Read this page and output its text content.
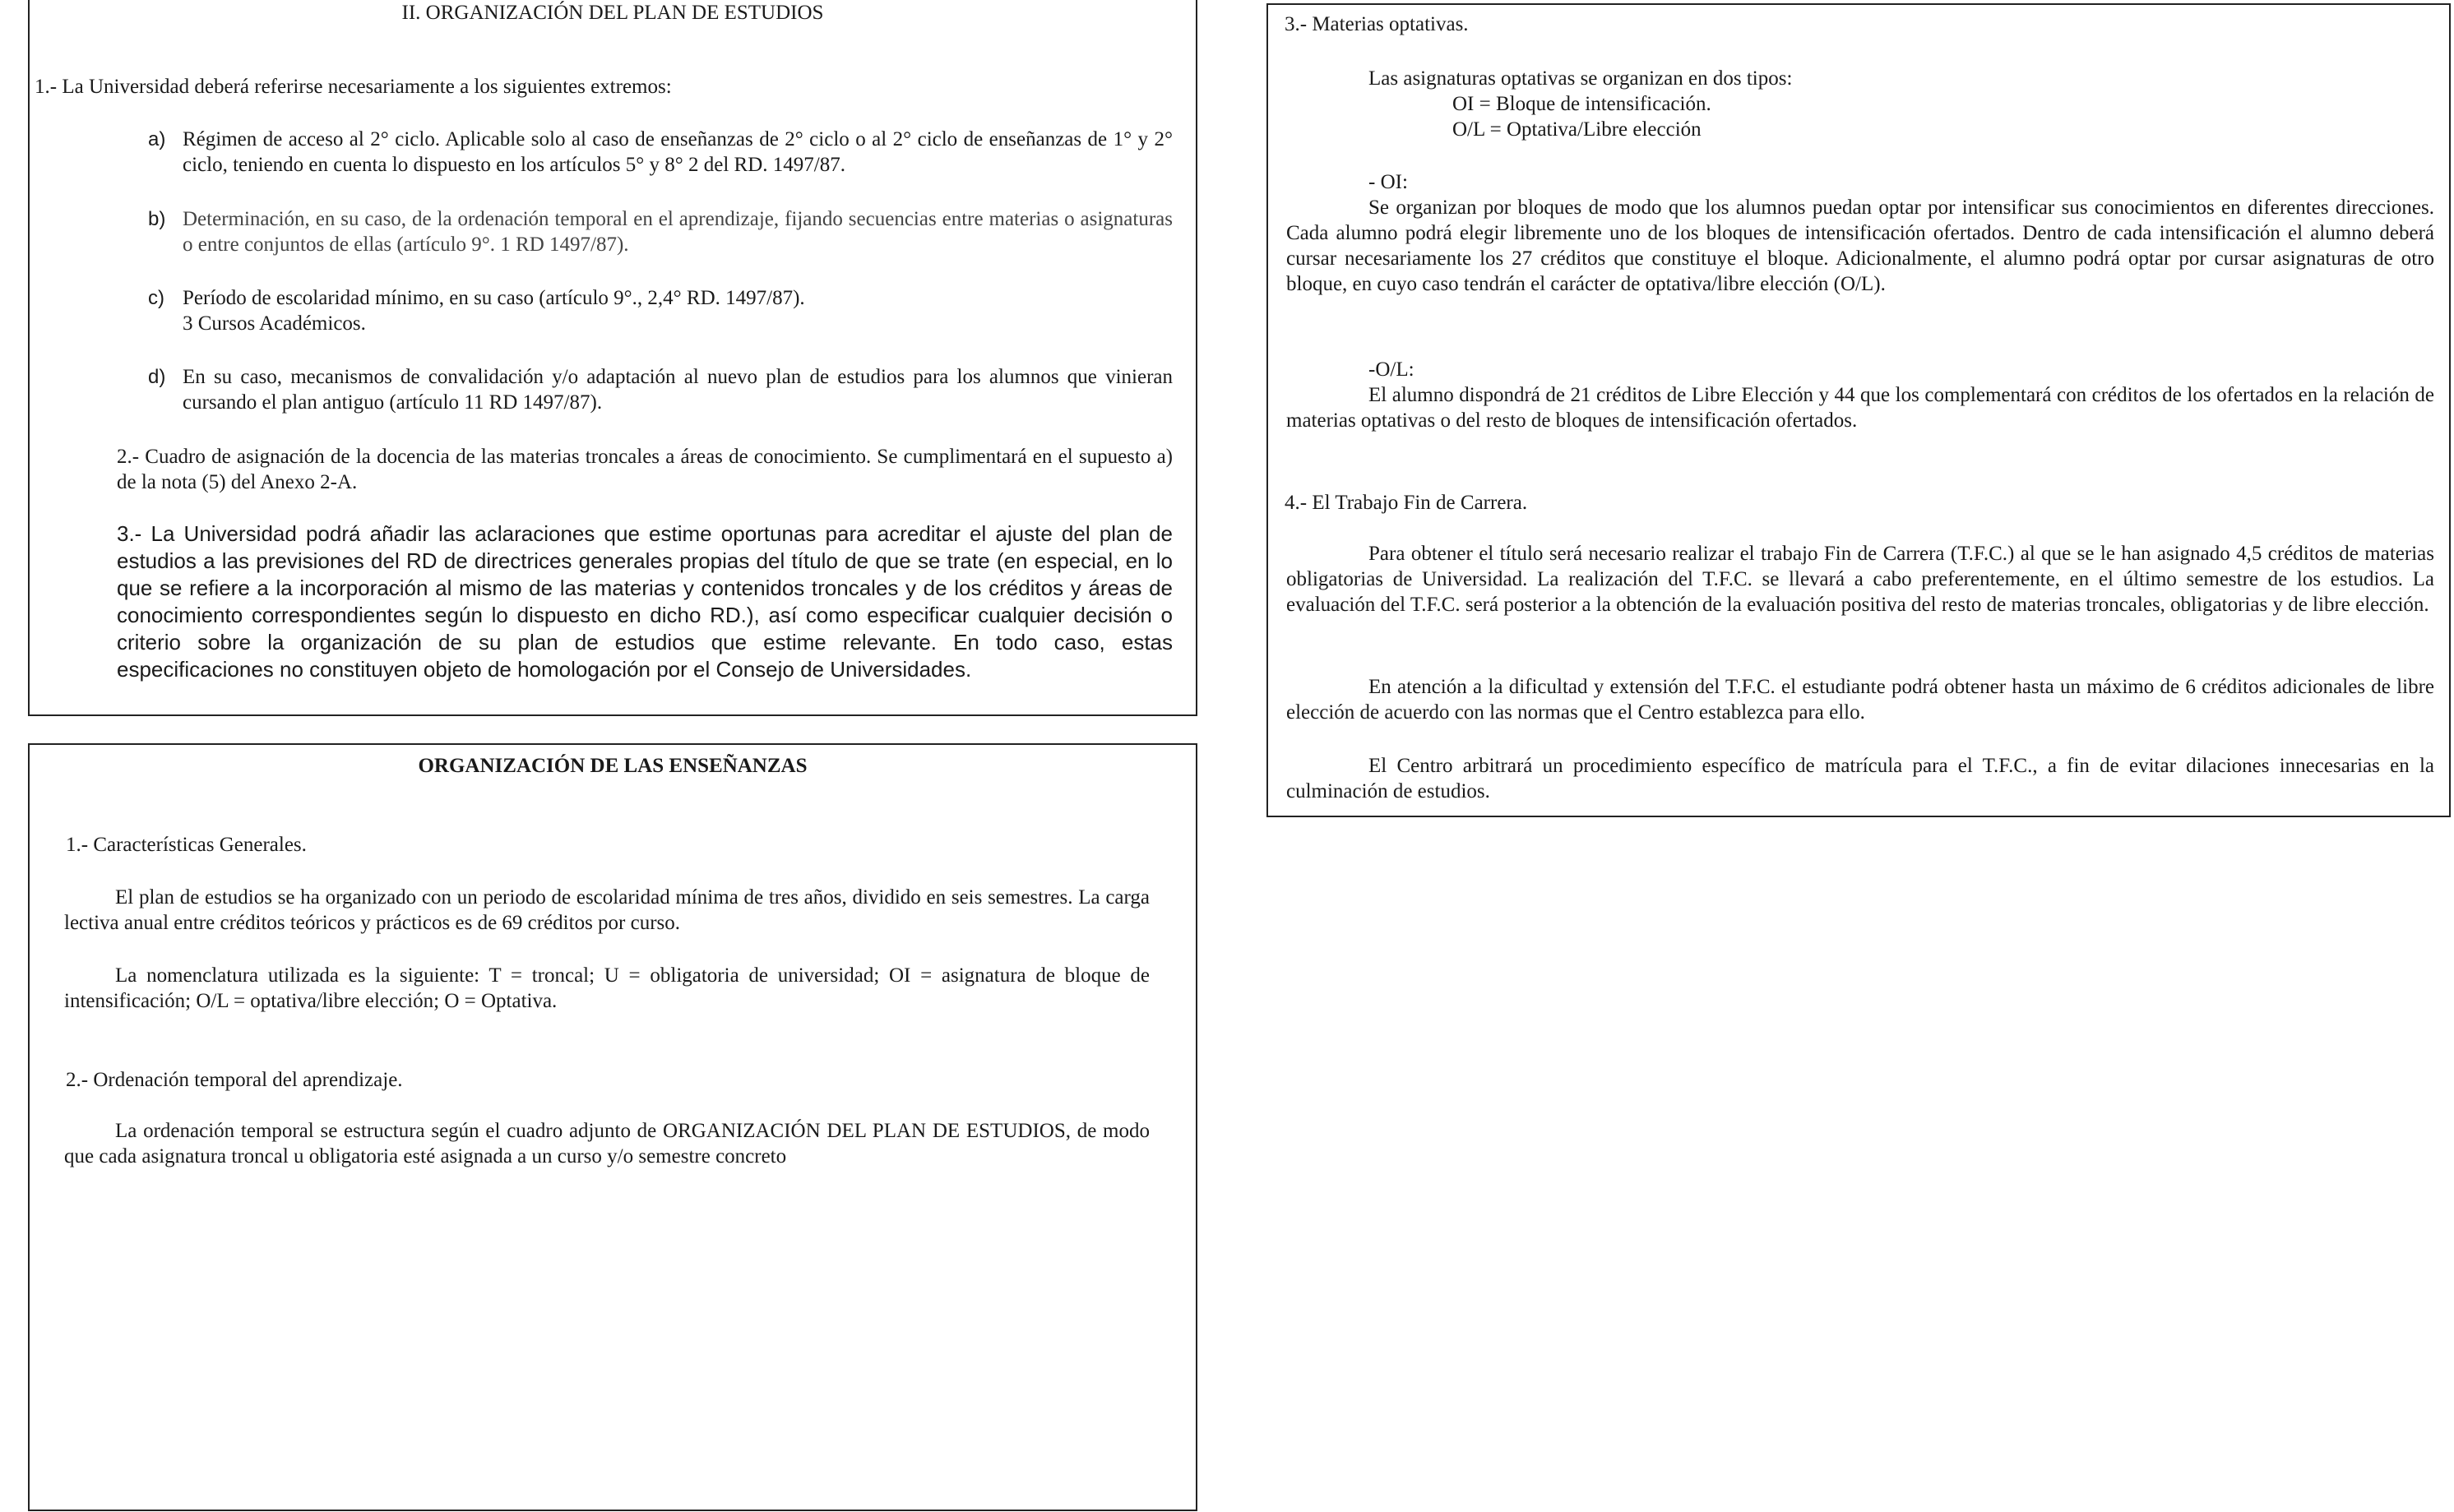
II. ORGANIZACIÓN DEL PLAN DE ESTUDIOS
1.- La Universidad deberá referirse necesariamente a los siguientes extremos:
a) Régimen de acceso al 2° ciclo. Aplicable solo al caso de enseñanzas de 2° ciclo o al 2° ciclo de enseñanzas de 1° y 2° ciclo, teniendo en cuenta lo dispuesto en los artículos 5° y 8° 2 del RD. 1497/87.
b) Determinación, en su caso, de la ordenación temporal en el aprendizaje, fijando secuencias entre materias o asignaturas o entre conjuntos de ellas (artículo 9°. 1 RD 1497/87).
c) Período de escolaridad mínimo, en su caso (artículo 9°., 2,4° RD. 1497/87).
3 Cursos Académicos.
d) En su caso, mecanismos de convalidación y/o adaptación al nuevo plan de estudios para los alumnos que vinieran cursando el plan antiguo (artículo 11 RD 1497/87).
2.- Cuadro de asignación de la docencia de las materias troncales a áreas de conocimiento. Se cumplimentará en el supuesto a) de la nota (5) del Anexo 2-A.
3.- La Universidad podrá añadir las aclaraciones que estime oportunas para acreditar el ajuste del plan de estudios a las previsiones del RD de directrices generales propias del título de que se trate (en especial, en lo que se refiere a la incorporación al mismo de las materias y contenidos troncales y de los créditos y áreas de conocimiento correspondientes según lo dispuesto en dicho RD.), así como especificar cualquier decisión o criterio sobre la organización de su plan de estudios que estime relevante. En todo caso, estas especificaciones no constituyen objeto de homologación por el Consejo de Universidades.
ORGANIZACIÓN DE LAS ENSEÑANZAS
1.- Características Generales.
El plan de estudios se ha organizado con un periodo de escolaridad mínima de tres años, dividido en seis semestres. La carga lectiva anual entre créditos teóricos y prácticos es de 69 créditos por curso.
La nomenclatura utilizada es la siguiente: T = troncal; U = obligatoria de universidad; OI = asignatura de bloque de intensificación; O/L = optativa/libre elección; O = Optativa.
2.- Ordenación temporal del aprendizaje.
La ordenación temporal se estructura según el cuadro adjunto de ORGANIZACIÓN DEL PLAN DE ESTUDIOS, de modo que cada asignatura troncal u obligatoria esté asignada a un curso y/o semestre concreto
3.- Materias optativas.
Las asignaturas optativas se organizan en dos tipos:
OI = Bloque de intensificación.
O/L = Optativa/Libre elección
- OI:
Se organizan por bloques de modo que los alumnos puedan optar por intensificar sus conocimientos en diferentes direcciones. Cada alumno podrá elegir libremente uno de los bloques de intensificación ofertados. Dentro de cada intensificación el alumno deberá cursar necesariamente los 27 créditos que constituye el bloque. Adicionalmente, el alumno podrá optar por cursar asignaturas de otro bloque, en cuyo caso tendrán el carácter de optativa/libre elección (O/L).
-O/L:
El alumno dispondrá de 21 créditos de Libre Elección y 44 que los complementará con créditos de los ofertados en la relación de materias optativas o del resto de bloques de intensificación ofertados.
4.- El Trabajo Fin de Carrera.
Para obtener el título será necesario realizar el trabajo Fin de Carrera (T.F.C.) al que se le han asignado 4,5 créditos de materias obligatorias de Universidad. La realización del T.F.C. se llevará a cabo preferentemente, en el último semestre de los estudios. La evaluación del T.F.C. será posterior a la obtención de la evaluación positiva del resto de materias troncales, obligatorias y de libre elección.
En atención a la dificultad y extensión del T.F.C. el estudiante podrá obtener hasta un máximo de 6 créditos adicionales de libre elección de acuerdo con las normas que el Centro establezca para ello.
El Centro arbitrará un procedimiento específico de matrícula para el T.F.C., a fin de evitar dilaciones innecesarias en la culminación de estudios.
